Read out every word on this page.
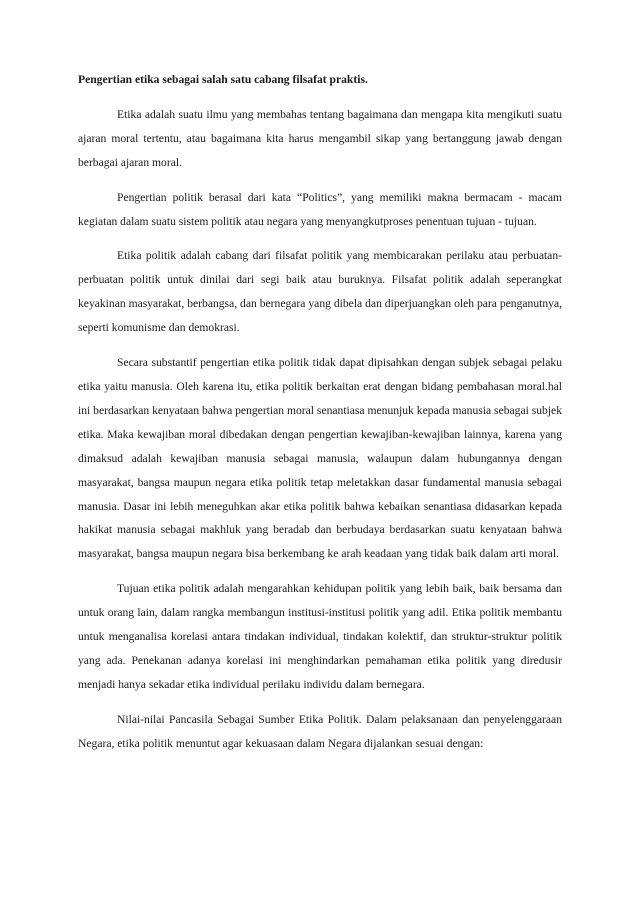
Pengertian etika sebagai salah satu cabang filsafat praktis.

Etika adalah suatu ilmu yang membahas tentang bagaimana dan mengapa kita mengikuti suatu ajaran moral tertentu, atau bagaimana kita harus mengambil sikap yang bertanggung jawab dengan berbagai ajaran moral.

Pengertian politik berasal dari kata “Politics”, yang memiliki makna bermacam - macam kegiatan dalam suatu sistem politik atau negara yang menyangkutproses penentuan tujuan - tujuan.

Etika politik adalah cabang dari filsafat politik yang membicarakan perilaku atau perbuatan-perbuatan politik untuk dinilai dari segi baik atau buruknya. Filsafat politik adalah seperangkat keyakinan masyarakat, berbangsa, dan bernegara yang dibela dan diperjuangkan oleh para penganutnya, seperti komunisme dan demokrasi.

Secara substantif pengertian etika politik tidak dapat dipisahkan dengan subjek sebagai pelaku etika yaitu manusia. Oleh karena itu, etika politik berkaitan erat dengan bidang pembahasan moral.hal ini berdasarkan kenyataan bahwa pengertian moral senantiasa menunjuk kepada manusia sebagai subjek etika. Maka kewajiban moral dibedakan dengan pengertian kewajiban-kewajiban lainnya, karena yang dimaksud adalah kewajiban manusia sebagai manusia, walaupun dalam hubungannya dengan masyarakat, bangsa maupun negara etika politik tetap meletakkan dasar fundamental manusia sebagai manusia. Dasar ini lebih meneguhkan akar etika politik bahwa kebaikan senantiasa didasarkan kepada hakikat manusia sebagai makhluk yang beradab dan berbudaya berdasarkan suatu kenyataan bahwa masyarakat, bangsa maupun negara bisa berkembang ke arah keadaan yang tidak baik dalam arti moral.

Tujuan etika politik adalah mengarahkan kehidupan politik yang lebih baik, baik bersama dan untuk orang lain, dalam rangka membangun institusi-institusi politik yang adil. Etika politik membantu untuk menganalisa korelasi antara tindakan individual, tindakan kolektif, dan struktur-struktur politik yang ada. Penekanan adanya korelasi ini menghindarkan pemahaman etika politik yang diredusir menjadi hanya sekadar etika individual perilaku individu dalam bernegara.

Nilai-nilai Pancasila Sebagai Sumber Etika Politik. Dalam pelaksanaan dan penyelenggaraan Negara, etika politik menuntut agar kekuasaan dalam Negara dijalankan sesuai dengan:
